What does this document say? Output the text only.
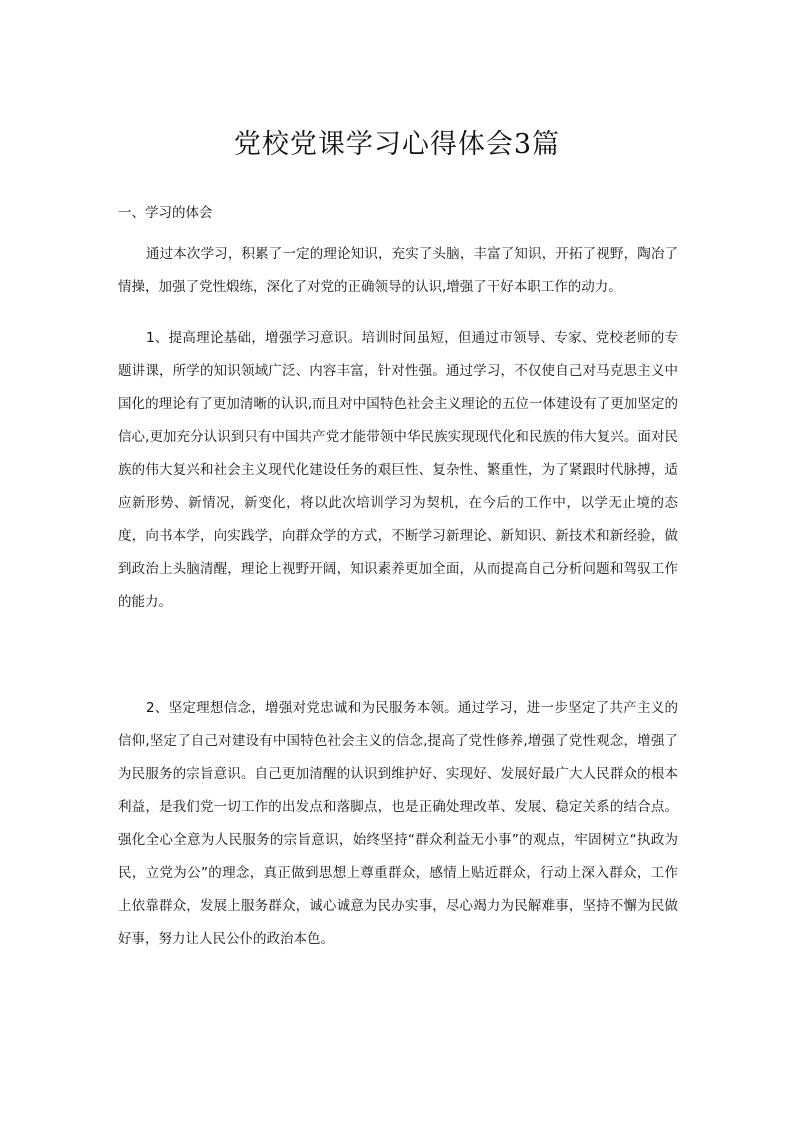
党校党课学习心得体会3篇
一、学习的体会

通过本次学习，积累了一定的理论知识，充实了头脑，丰富了知识，开拓了视野，陶冶了情操，加强了党性煅练，深化了对党的正确领导的认识,增强了干好本职工作的动力。

1、提高理论基础，增强学习意识。培训时间虽短，但通过市领导、专家、党校老师的专题讲课，所学的知识领域广泛、内容丰富，针对性强。通过学习，不仅使自己对马克思主义中国化的理论有了更加清晰的认识,而且对中国特色社会主义理论的五位一体建设有了更加坚定的信心,更加充分认识到只有中国共产党才能带领中华民族实现现代化和民族的伟大复兴。面对民族的伟大复兴和社会主义现代化建设任务的艰巨性、复杂性、繁重性，为了紧跟时代脉搏，适应新形势、新情况，新变化，将以此次培训学习为契机，在今后的工作中，以学无止境的态度，向书本学，向实践学，向群众学的方式，不断学习新理论、新知识、新技术和新经验，做到政治上头脑清醒，理论上视野开阔，知识素养更加全面，从而提高自己分析问题和驾驭工作的能力。

2、坚定理想信念，增强对党忠诚和为民服务本领。通过学习，进一步坚定了共产主义的信仰,坚定了自己对建设有中国特色社会主义的信念,提高了党性修养,增强了党性观念，增强了为民服务的宗旨意识。自己更加清醒的认识到维护好、实现好、发展好最广大人民群众的根本利益，是我们党一切工作的出发点和落脚点，也是正确处理改革、发展、稳定关系的结合点。强化全心全意为人民服务的宗旨意识，始终坚持“群众利益无小事”的观点，牢固树立“执政为民，立党为公”的理念，真正做到思想上尊重群众，感情上贴近群众，行动上深入群众，工作上依靠群众，发展上服务群众，诚心诚意为民办实事，尽心竭力为民解难事，坚持不懈为民做好事，努力让人民公仆的政治本色。
